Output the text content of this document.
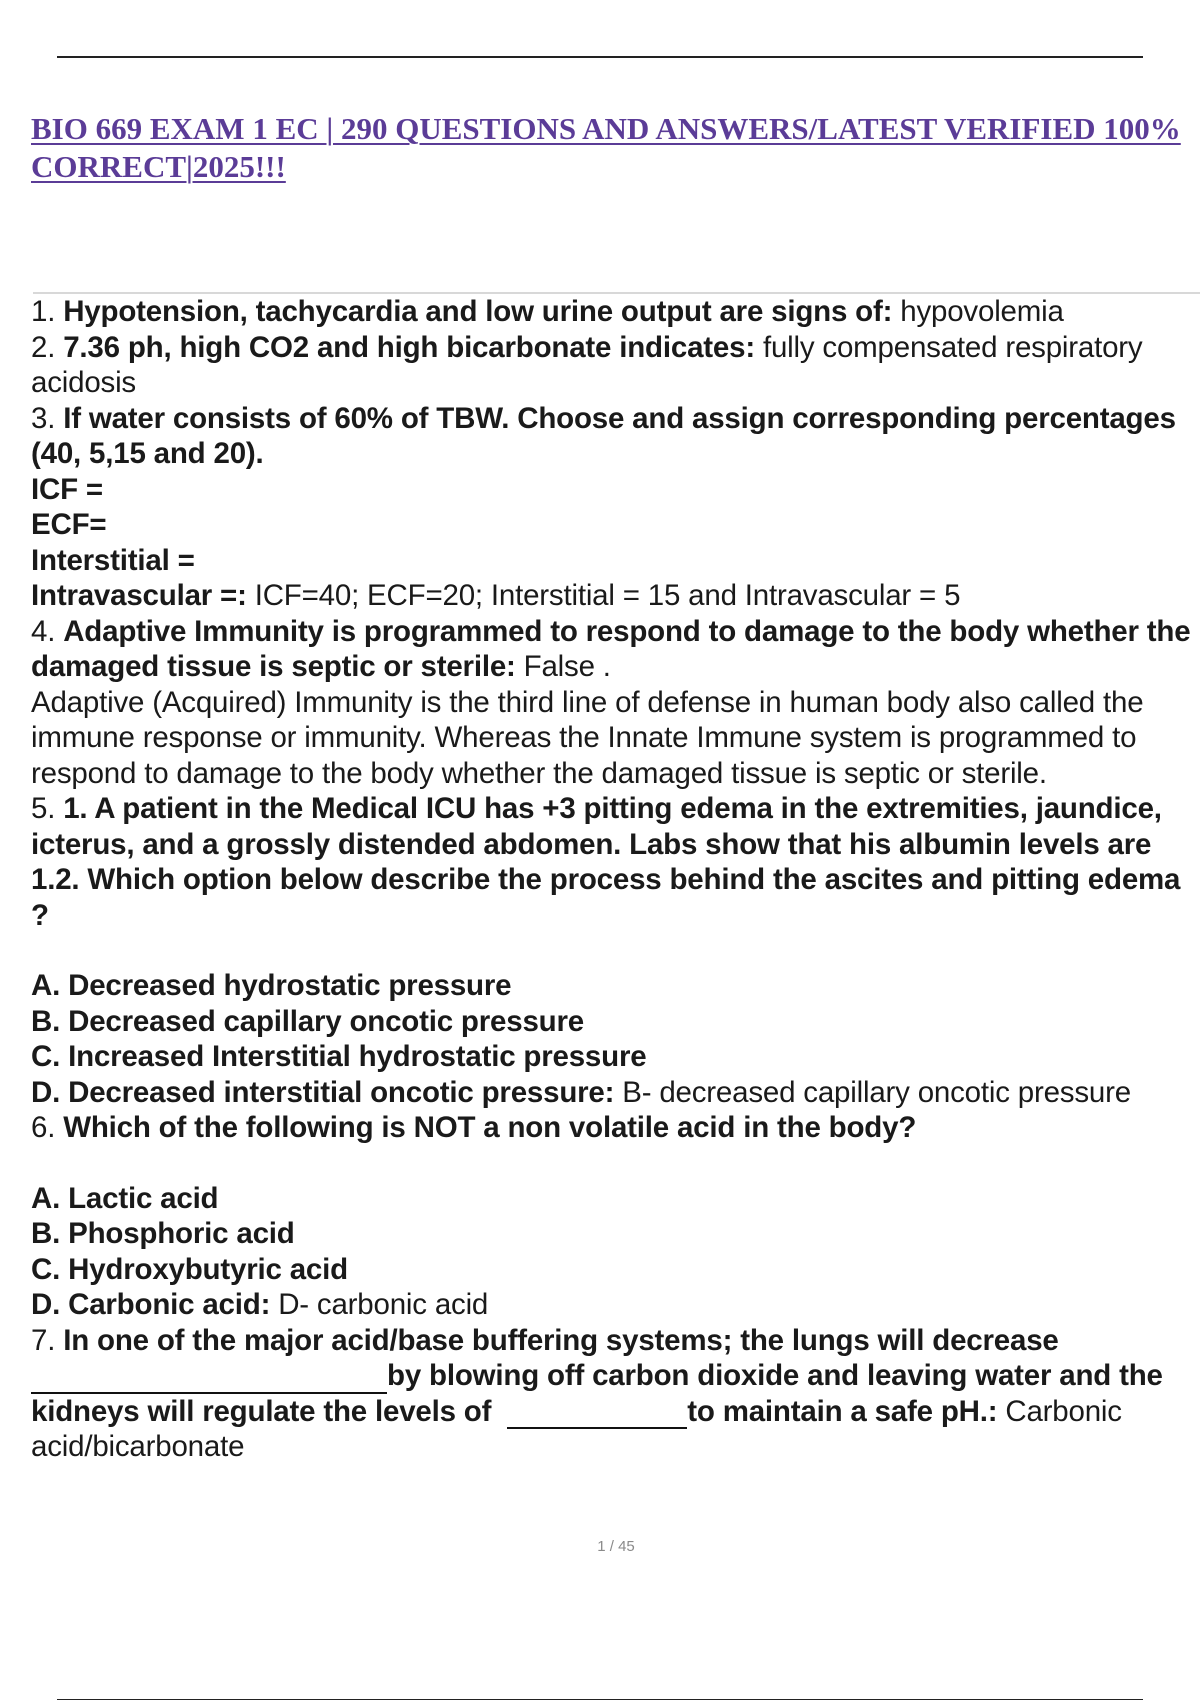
BIO 669 EXAM 1 EC | 290 QUESTIONS AND ANSWERS/LATEST VERIFIED 100%
CORRECT|2025!!!

1. Hypotension, tachycardia and low urine output are signs of: hypovolemia

2. 7.36 ph, high CO2 and high bicarbonate indicates: fully compensated respiratory acidosis

3. If water consists of 60% of TBW. Choose and assign corresponding percentages (40, 5,15 and 20).

ICF =

ECF=

Interstitial =

Intravascular =: ICF=40; ECF=20; Interstitial = 15 and Intravascular = 5

4. Adaptive Immunity is programmed to respond to damage to the body whether the damaged tissue is septic or sterile: False .

Adaptive (Acquired) Immunity is the third line of defense in human body also called the immune response or immunity. Whereas the Innate Immune system is programmed to respond to damage to the body whether the damaged tissue is septic or sterile.

5. 1. A patient in the Medical ICU has +3 pitting edema in the extremities, jaundice, icterus, and a grossly distended abdomen. Labs show that his albumin levels are 1.2. Which option below describe the process behind the ascites and pitting edema ?

A. Decreased hydrostatic pressure

B. Decreased capillary oncotic pressure

C. Increased Interstitial hydrostatic pressure

D. Decreased interstitial oncotic pressure: B- decreased capillary oncotic pressure

6. Which of the following is NOT a non volatile acid in the body?

A. Lactic acid

B. Phosphoric acid

C. Hydroxybutyric acid

D. Carbonic acid: D- carbonic acid

7. In one of the major acid/base buffering systems; the lungs will decrease by blowing off carbon dioxide and leaving water and the kidneys will regulate the levels of	to maintain a safe pH.: Carbonic acid/bicarbonate

1 / 45
